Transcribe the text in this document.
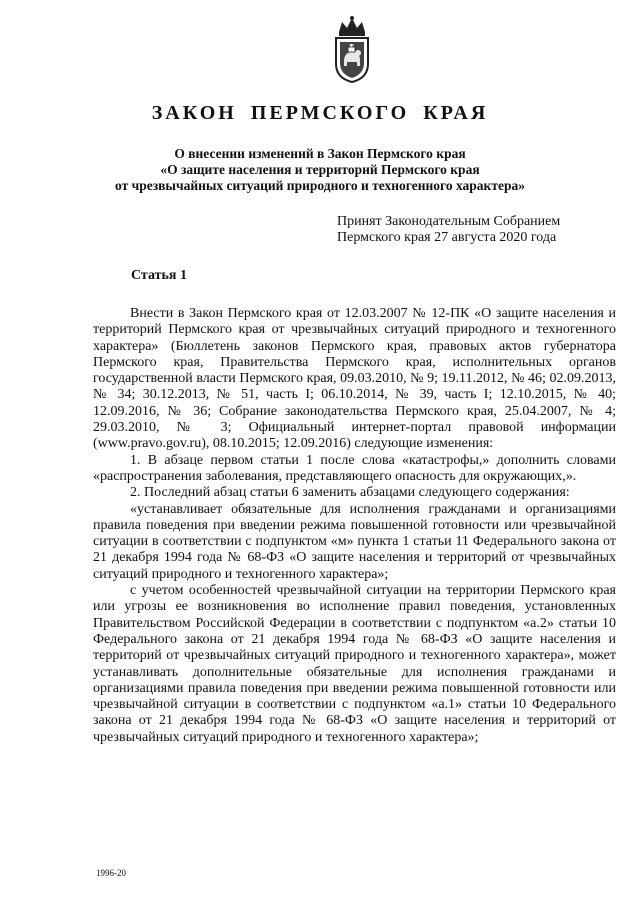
ЗАКОН ПЕРМСКОГО КРАЯ
О внесении изменений в Закон Пермского края
«О защите населения и территорий Пермского края
от чрезвычайных ситуаций природного и техногенного характера»
Принят Законодательным Собранием
Пермского края 27 августа 2020 года
Статья 1

Внести в Закон Пермского края от 12.03.2007 № 12-ПК «О защите населения и территорий Пермского края от чрезвычайных ситуаций природного и техногенного характера» (Бюллетень законов Пермского края, правовых актов губернатора Пермского края, Правительства Пермского края, исполнительных органов государственной власти Пермского края, 09.03.2010, № 9; 19.11.2012, № 46; 02.09.2013, № 34; 30.12.2013, № 51, часть I; 06.10.2014, № 39, часть I; 12.10.2015, № 40; 12.09.2016, № 36; Собрание законодательства Пермского края, 25.04.2007, № 4; 29.03.2010, № 3; Официальный интернет-портал правовой информации (www.pravo.gov.ru), 08.10.2015; 12.09.2016) следующие изменения:

1. В абзаце первом статьи 1 после слова «катастрофы,» дополнить словами «распространения заболевания, представляющего опасность для окружающих,».

2. Последний абзац статьи 6 заменить абзацами следующего содержания:

«устанавливает обязательные для исполнения гражданами и организациями правила поведения при введении режима повышенной готовности или чрезвычайной ситуации в соответствии с подпунктом «м» пункта 1 статьи 11 Федерального закона от 21 декабря 1994 года № 68-ФЗ «О защите населения и территорий от чрезвычайных ситуаций природного и техногенного характера»;

с учетом особенностей чрезвычайной ситуации на территории Пермского края или угрозы ее возникновения во исполнение правил поведения, установленных Правительством Российской Федерации в соответствии с подпунктом «а.2» статьи 10 Федерального закона от 21 декабря 1994 года № 68-ФЗ «О защите населения и территорий от чрезвычайных ситуаций природного и техногенного характера», может устанавливать дополнительные обязательные для исполнения гражданами и организациями правила поведения при введении режима повышенной готовности или чрезвычайной ситуации в соответствии с подпунктом «а.1» статьи 10 Федерального закона от 21 декабря 1994 года № 68-ФЗ «О защите населения и территорий от чрезвычайных ситуаций природного и техногенного характера»;

1996-20
